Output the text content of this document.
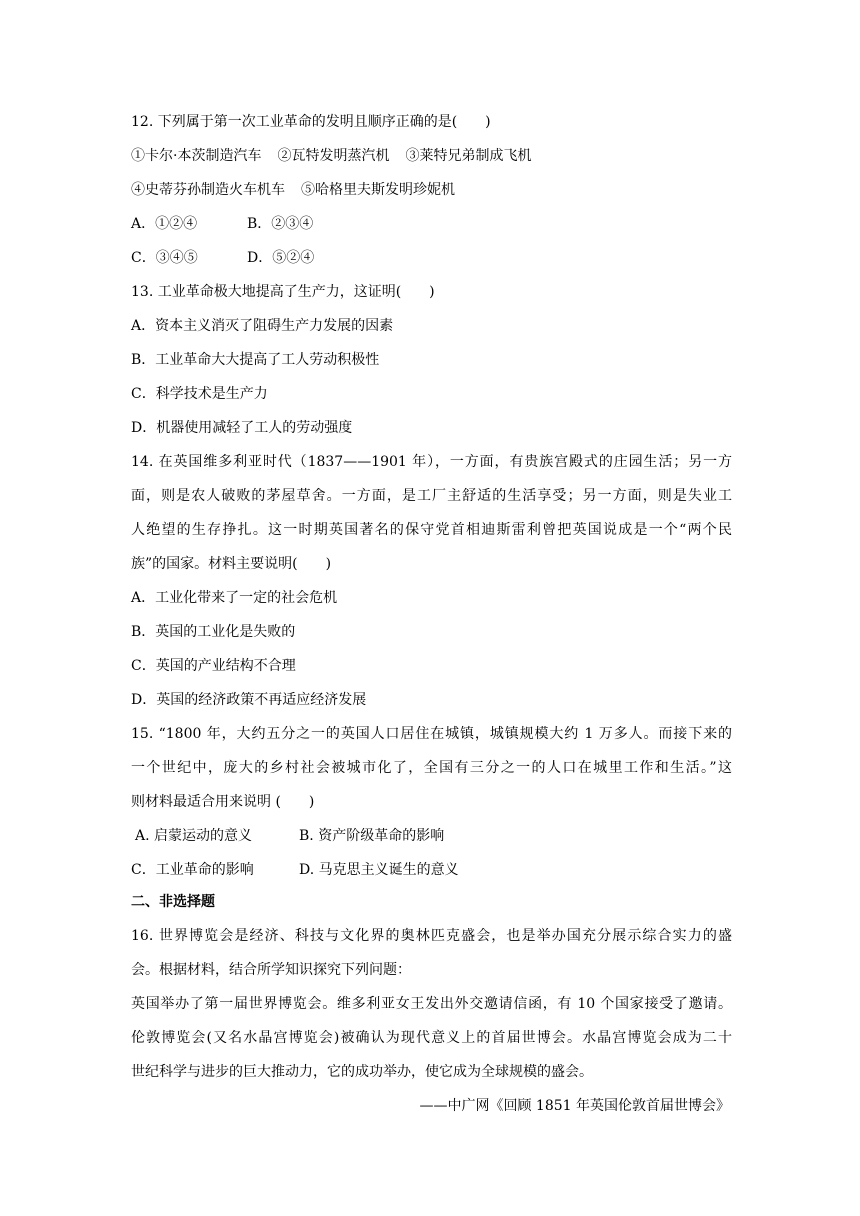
12. 下列属于第一次工业革命的发明且顺序正确的是(　　)
①卡尔·本茨制造汽车 ②瓦特发明蒸汽机 ③莱特兄弟制成飞机
④史蒂芬孙制造火车机车 ⑤哈格里夫斯发明珍妮机
A．①②④	B．②③④
C．③④⑤	D．⑤②④
13. 工业革命极大地提高了生产力，这证明(　　)
A．资本主义消灭了阻碍生产力发展的因素
B．工业革命大大提高了工人劳动积极性
C．科学技术是生产力
D．机器使用减轻了工人的劳动强度
14. 在英国维多利亚时代（1837——1901 年），一方面，有贵族宫殿式的庄园生活；另一方
面，则是农人破败的茅屋草舍。一方面，是工厂主舒适的生活享受；另一方面，则是失业工
人绝望的生存挣扎。这一时期英国著名的保守党首相迪斯雷利曾把英国说成是一个“两个民
族”的国家。材料主要说明(　　)
A．工业化带来了一定的社会危机
B．英国的工业化是失败的
C．英国的产业结构不合理
D．英国的经济政策不再适应经济发展
15. “1800 年，大约五分之一的英国人口居住在城镇，城镇规模大约 1 万多人。而接下来的
一个世纪中，庞大的乡村社会被城市化了，全国有三分之一的人口在城里工作和生活。”这
则材料最适合用来说明 (　　)
A. 启蒙运动的意义	B. 资产阶级革命的影响
C．工业革命的影响	D. 马克思主义诞生的意义
二、非选择题
16. 世界博览会是经济、科技与文化界的奥林匹克盛会，也是举办国充分展示综合实力的盛
会。根据材料，结合所学知识探究下列问题：
英国举办了第一届世界博览会。维多利亚女王发出外交邀请信函，有 10 个国家接受了邀请。
伦敦博览会(又名水晶宫博览会)被确认为现代意义上的首届世博会。水晶宫博览会成为二十
世纪科学与进步的巨大推动力，它的成功举办，使它成为全球规模的盛会。
——中广网《回顾 1851 年英国伦敦首届世博会》
